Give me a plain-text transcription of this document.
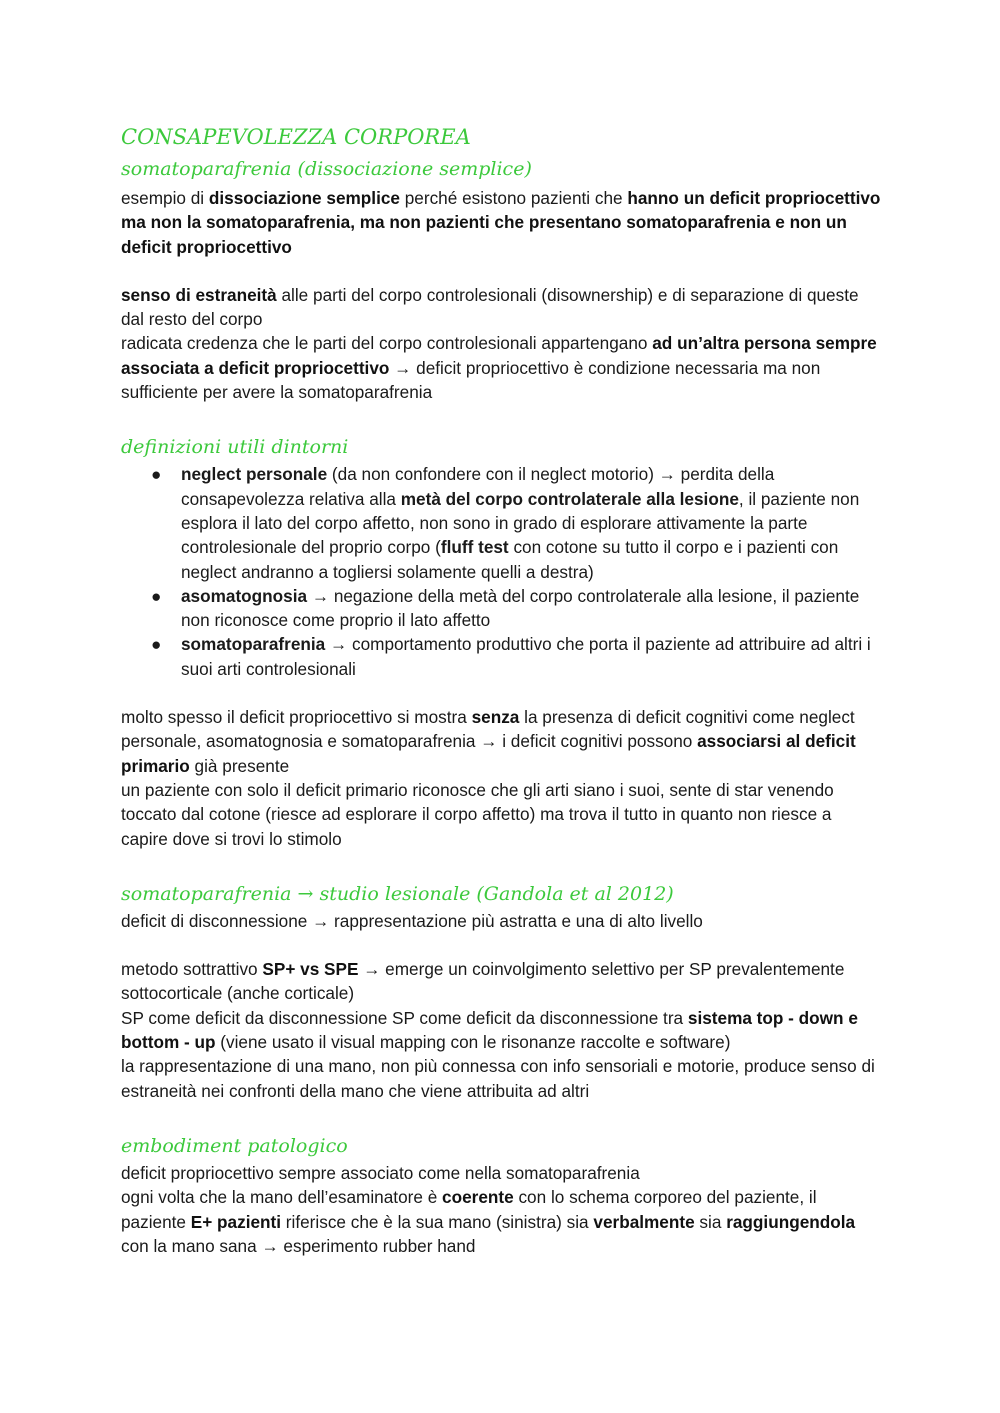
CONSAPEVOLEZZA CORPOREA
somatoparafrenia (dissociazione semplice)
esempio di dissociazione semplice perché esistono pazienti che hanno un deficit propriocettivo ma non la somatoparafrenia, ma non pazienti che presentano somatoparafrenia e non un deficit propriocettivo
senso di estraneità alle parti del corpo controlesionali (disownership) e di separazione di queste dal resto del corpo
radicata credenza che le parti del corpo controlesionali appartengano ad un’altra persona sempre associata a deficit propriocettivo → deficit propriocettivo è condizione necessaria ma non sufficiente per avere la somatoparafrenia
definizioni utili dintorni
● neglect personale (da non confondere con il neglect motorio) → perdita della consapevolezza relativa alla metà del corpo controlaterale alla lesione, il paziente non esplora il lato del corpo affetto, non sono in grado di esplorare attivamente la parte controlesionale del proprio corpo (fluff test con cotone su tutto il corpo e i pazienti con neglect andranno a togliersi solamente quelli a destra)
● asomatognosia → negazione della metà del corpo controlaterale alla lesione, il paziente non riconosce come proprio il lato affetto
● somatoparafrenia → comportamento produttivo che porta il paziente ad attribuire ad altri i suoi arti controlesionali
molto spesso il deficit propriocettivo si mostra senza la presenza di deficit cognitivi come neglect personale, asomatognosia e somatoparafrenia → i deficit cognitivi possono associarsi al deficit primario già presente
un paziente con solo il deficit primario riconosce che gli arti siano i suoi, sente di star venendo toccato dal cotone (riesce ad esplorare il corpo affetto) ma trova il tutto in quanto non riesce a capire dove si trovi lo stimolo
somatoparafrenia → studio lesionale (Gandola et al 2012)
deficit di disconnessione → rappresentazione più astratta e una di alto livello
metodo sottrattivo SP+ vs SPE → emerge un coinvolgimento selettivo per SP prevalentemente sottocorticale (anche corticale)
SP come deficit da disconnessione SP come deficit da disconnessione tra sistema top - down e bottom - up (viene usato il visual mapping con le risonanze raccolte e software)
la rappresentazione di una mano, non più connessa con info sensoriali e motorie, produce senso di estraneità nei confronti della mano che viene attribuita ad altri
embodiment patologico
deficit propriocettivo sempre associato come nella somatoparafrenia
ogni volta che la mano dell’esaminatore è coerente con lo schema corporeo del paziente, il paziente E+ pazienti riferisce che è la sua mano (sinistra) sia verbalmente sia raggiungendola con la mano sana → esperimento rubber hand
